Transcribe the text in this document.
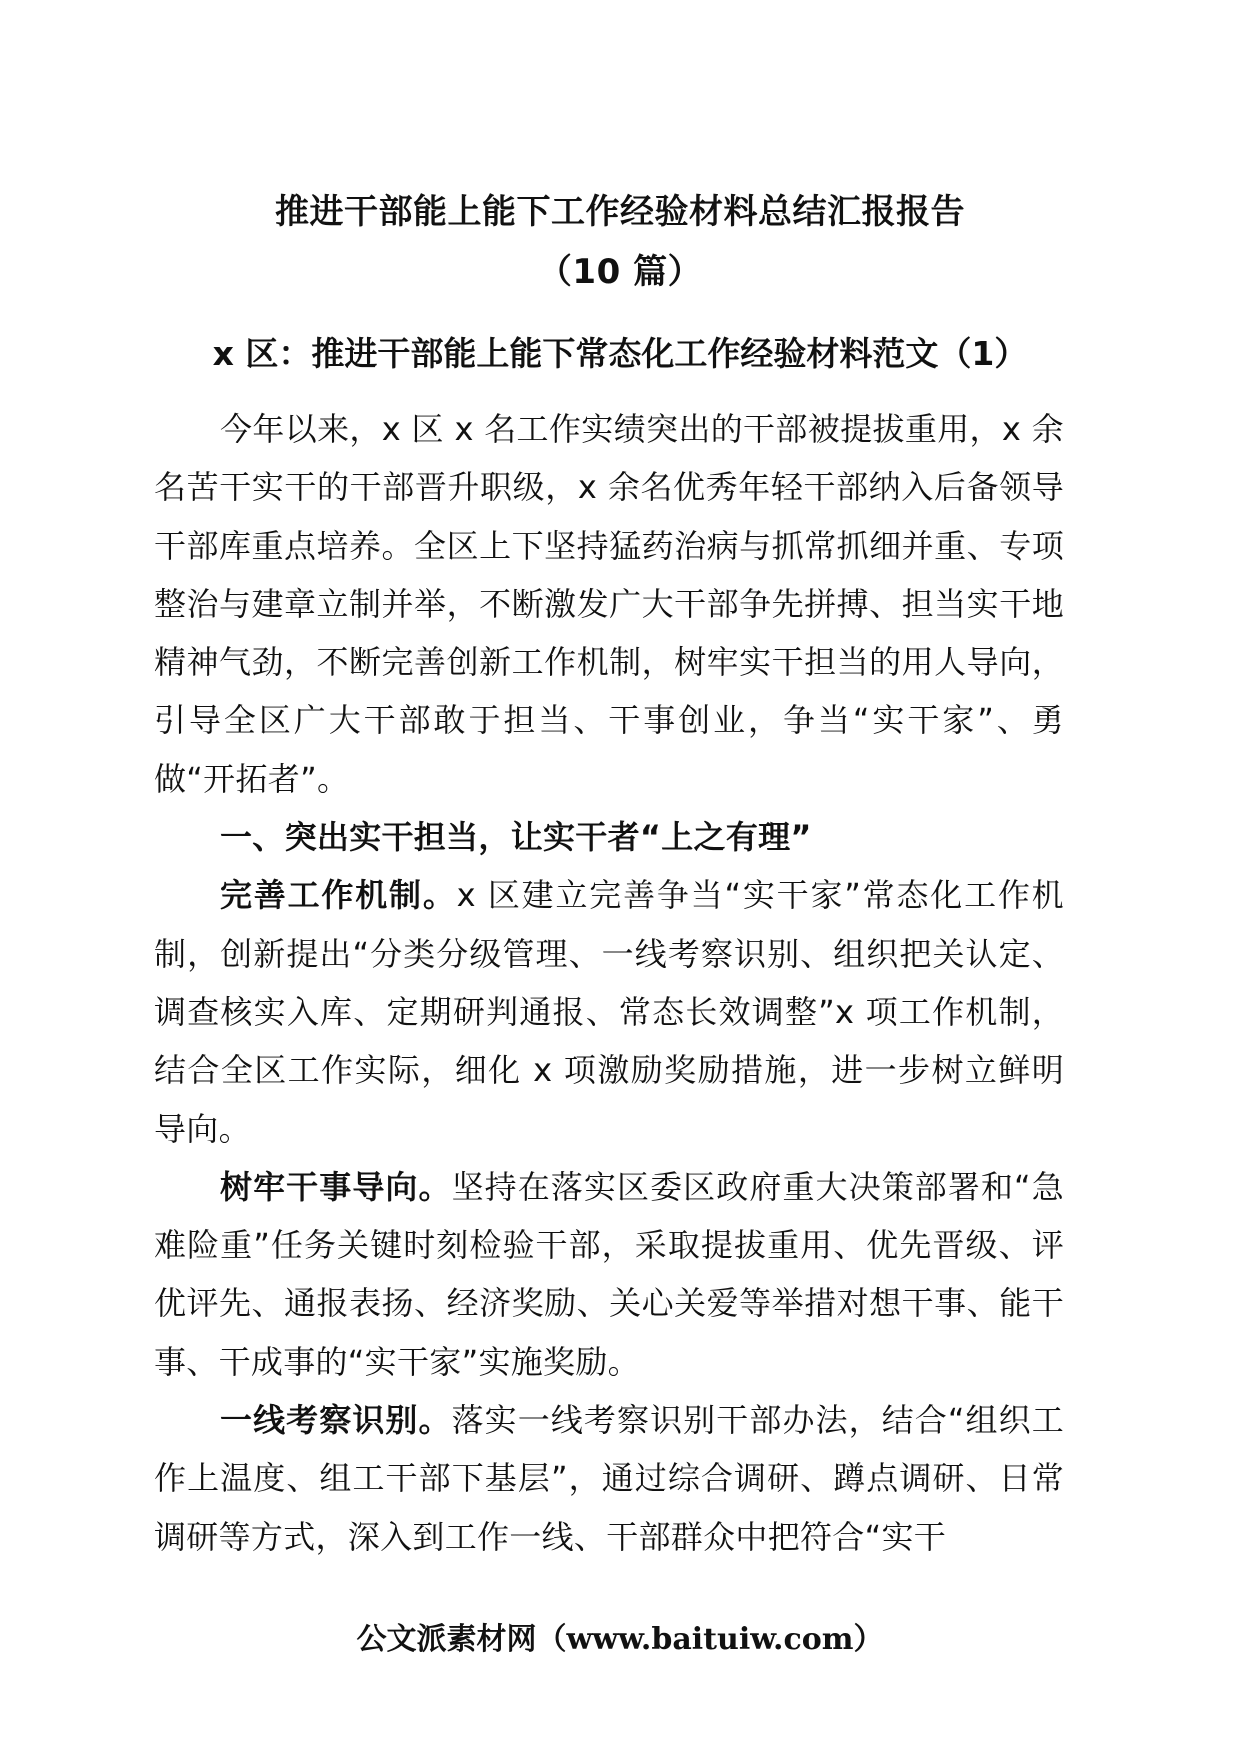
推进干部能上能下工作经验材料总结汇报报告
（10 篇）
x 区：推进干部能上能下常态化工作经验材料范文（1）

今年以来，x 区 x 名工作实绩突出的干部被提拔重用，x 余名苦干实干的干部晋升职级，x 余名优秀年轻干部纳入后备领导干部库重点培养。全区上下坚持猛药治病与抓常抓细并重、专项整治与建章立制并举，不断激发广大干部争先拼搏、担当实干地精神气劲，不断完善创新工作机制，树牢实干担当的用人导向，引导全区广大干部敢于担当、干事创业，争当“实干家”、勇做“开拓者”。

一、突出实干担当，让实干者“上之有理”

完善工作机制。x 区建立完善争当“实干家”常态化工作机制，创新提出“分类分级管理、一线考察识别、组织把关认定、调查核实入库、定期研判通报、常态长效调整”x 项工作机制，结合全区工作实际，细化 x 项激励奖励措施，进一步树立鲜明导向。

树牢干事导向。坚持在落实区委区政府重大决策部署和“急难险重”任务关键时刻检验干部，采取提拔重用、优先晋级、评优评先、通报表扬、经济奖励、关心关爱等举措对想干事、能干事、干成事的“实干家”实施奖励。

一线考察识别。落实一线考察识别干部办法，结合“组织工作上温度、组工干部下基层”，通过综合调研、蹲点调研、日常调研等方式，深入到工作一线、干部群众中把符合“实干

公文派素材网（www.baituiw.com）
